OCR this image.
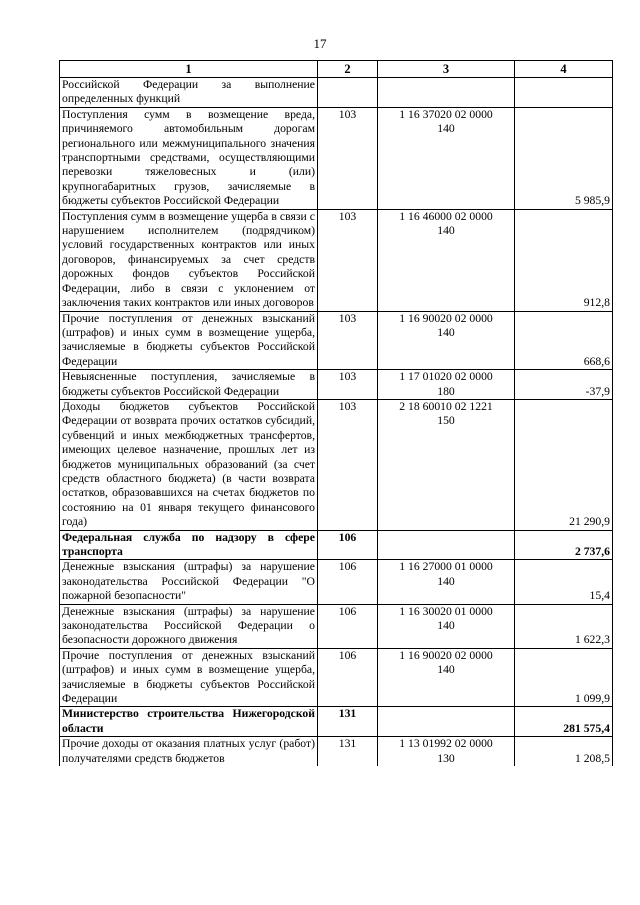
17
1	2	3	4
Российской Федерации за выполнение определенных функций			
Поступления сумм в возмещение вреда, причиняемого автомобильным дорогам регионального или межмуниципального значения транспортными средствами, осуществляющими перевозки тяжеловесных и (или) крупногабаритных грузов, зачисляемые в бюджеты субъектов Российской Федерации	103	1 16 37020 02 0000 140	5 985,9
Поступления сумм в возмещение ущерба в связи с нарушением исполнителем (подрядчиком) условий государственных контрактов или иных договоров, финансируемых за счет средств дорожных фондов субъектов Российской Федерации, либо в связи с уклонением от заключения таких контрактов или иных договоров	103	1 16 46000 02 0000 140	912,8
Прочие поступления от денежных взысканий (штрафов) и иных сумм в возмещение ущерба, зачисляемые в бюджеты субъектов Российской Федерации	103	1 16 90020 02 0000 140	668,6
Невыясненные поступления, зачисляемые в бюджеты субъектов Российской Федерации	103	1 17 01020 02 0000 180	-37,9
Доходы бюджетов субъектов Российской Федерации от возврата прочих остатков субсидий, субвенций и иных межбюджетных трансфертов, имеющих целевое назначение, прошлых лет из бюджетов муниципальных образований (за счет средств областного бюджета) (в части возврата остатков, образовавшихся на счетах бюджетов по состоянию на 01 января текущего финансового года)	103	2 18 60010 02 1221 150	21 290,9
Федеральная служба по надзору в сфере транспорта	106		2 737,6
Денежные взыскания (штрафы) за нарушение законодательства Российской Федерации "О пожарной безопасности"	106	1 16 27000 01 0000 140	15,4
Денежные взыскания (штрафы) за нарушение законодательства Российской Федерации о безопасности дорожного движения	106	1 16 30020 01 0000 140	1 622,3
Прочие поступления от денежных взысканий (штрафов) и иных сумм в возмещение ущерба, зачисляемые в бюджеты субъектов Российской Федерации	106	1 16 90020 02 0000 140	1 099,9
Министерство строительства Нижегородской области	131		281 575,4
Прочие доходы от оказания платных услуг (работ) получателями средств бюджетов	131	1 13 01992 02 0000 130	1 208,5
